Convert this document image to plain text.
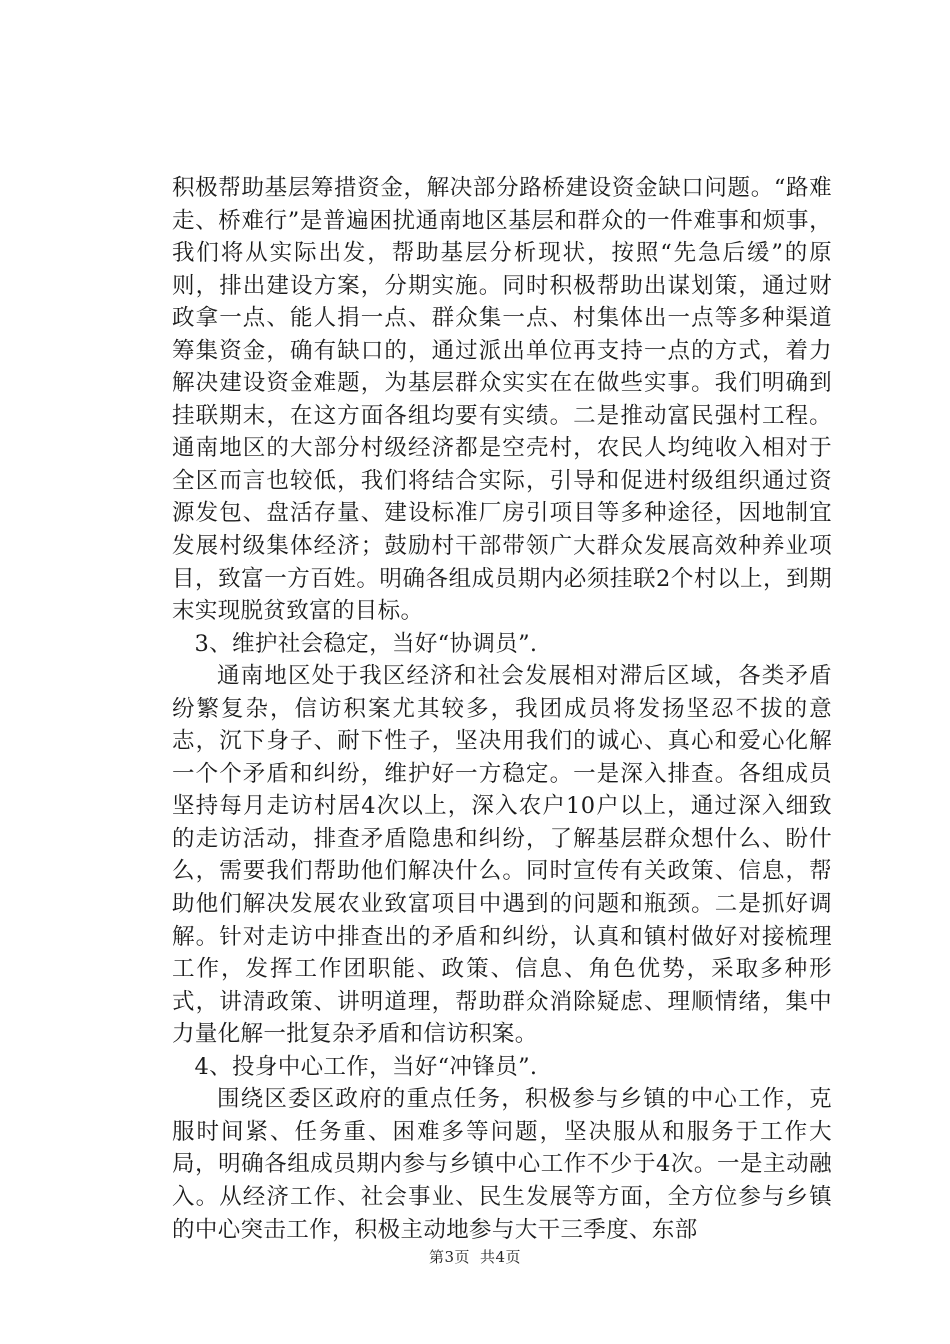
积极帮助基层筹措资金，解决部分路桥建设资金缺口问题。“路难走、桥难行”是普遍困扰通南地区基层和群众的一件难事和烦事，我们将从实际出发，帮助基层分析现状，按照“先急后缓”的原则，排出建设方案，分期实施。同时积极帮助出谋划策，通过财政拿一点、能人捐一点、群众集一点、村集体出一点等多种渠道筹集资金，确有缺口的，通过派出单位再支持一点的方式，着力解决建设资金难题，为基层群众实实在在做些实事。我们明确到挂联期末，在这方面各组均要有实绩。二是推动富民强村工程。通南地区的大部分村级经济都是空壳村，农民人均纯收入相对于全区而言也较低，我们将结合实际，引导和促进村级组织通过资源发包、盘活存量、建设标准厂房引项目等多种途径，因地制宜发展村级集体经济；鼓励村干部带领广大群众发展高效种养业项目，致富一方百姓。明确各组成员期内必须挂联2个村以上，到期末实现脱贫致富的目标。

3、维护社会稳定，当好“协调员”.

通南地区处于我区经济和社会发展相对滞后区域，各类矛盾纷繁复杂，信访积案尤其较多，我团成员将发扬坚忍不拔的意志，沉下身子、耐下性子，坚决用我们的诚心、真心和爱心化解一个个矛盾和纠纷，维护好一方稳定。一是深入排查。各组成员坚持每月走访村居4次以上，深入农户10户以上，通过深入细致的走访活动，排查矛盾隐患和纠纷，了解基层群众想什么、盼什么，需要我们帮助他们解决什么。同时宣传有关政策、信息，帮助他们解决发展农业致富项目中遇到的问题和瓶颈。二是抓好调解。针对走访中排查出的矛盾和纠纷，认真和镇村做好对接梳理工作，发挥工作团职能、政策、信息、角色优势，采取多种形式，讲清政策、讲明道理，帮助群众消除疑虑、理顺情绪，集中力量化解一批复杂矛盾和信访积案。

4、投身中心工作，当好“冲锋员”.

围绕区委区政府的重点任务，积极参与乡镇的中心工作，克服时间紧、任务重、困难多等问题，坚决服从和服务于工作大局，明确各组成员期内参与乡镇中心工作不少于4次。一是主动融入。从经济工作、社会事业、民生发展等方面，全方位参与乡镇的中心突击工作，积极主动地参与大干三季度、东部

第3页 共4页
